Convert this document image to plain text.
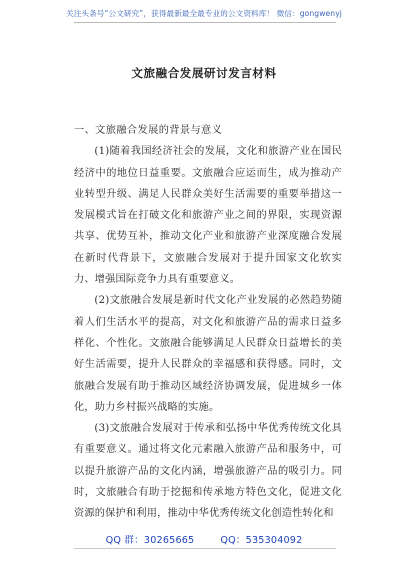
关注头条号“公文研究”，获得最新最全最专业的公文资料库！ 微信：gongwenyj
文旅融合发展研讨发言材料

一、文旅融合发展的背景与意义

(1)随着我国经济社会的发展，文化和旅游产业在国民经济中的地位日益重要。文旅融合应运而生，成为推动产业转型升级、满足人民群众美好生活需要的重要举措这一发展模式旨在打破文化和旅游产业之间的界限，实现资源共享、优势互补，推动文化产业和旅游产业深度融合发展在新时代背景下，文旅融合发展对于提升国家文化软实力、增强国际竞争力具有重要意义。

(2)文旅融合发展是新时代文化产业发展的必然趋势随着人们生活水平的提高，对文化和旅游产品的需求日益多样化、个性化。文旅融合能够满足人民群众日益增长的美好生活需要，提升人民群众的幸福感和获得感。同时，文旅融合发展有助于推动区域经济协调发展，促进城乡一体化，助力乡村振兴战略的实施。

(3)文旅融合发展对于传承和弘扬中华优秀传统文化具有重要意义。通过将文化元素融入旅游产品和服务中，可以提升旅游产品的文化内涵，增强旅游产品的吸引力。同时，文旅融合有助于挖掘和传承地方特色文化，促进文化资源的保护和利用，推动中华优秀传统文化创造性转化和

QQ 群：30265665	QQ：535304092
